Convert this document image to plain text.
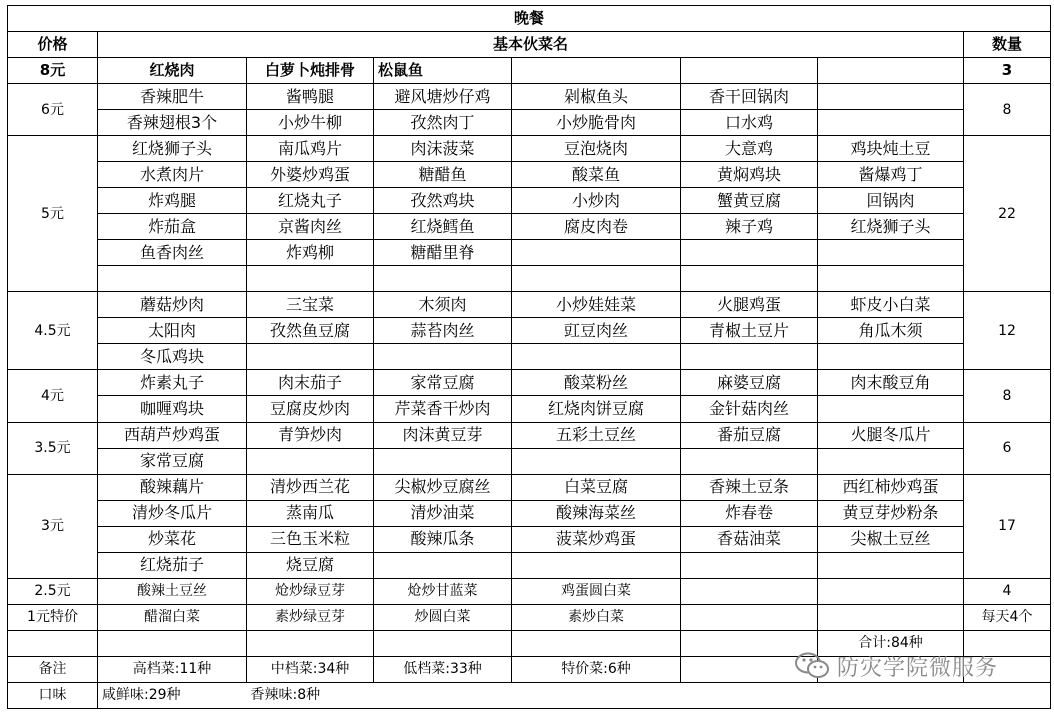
晚餐							
价格	基本伙菜名						数量
8元	红烧肉	白萝卜炖排骨	松鼠鱼				3
6元	香辣肥牛	酱鸭腿	避风塘炒仔鸡	剁椒鱼头	香干回锅肉		8
	香辣翅根3个	小炒牛柳	孜然肉丁	小炒脆骨肉	口水鸡		
5元	红烧狮子头	南瓜鸡片	肉沫菠菜	豆泡烧肉	大意鸡	鸡块炖土豆	22
	水煮肉片	外婆炒鸡蛋	糖醋鱼	酸菜鱼	黄焖鸡块	酱爆鸡丁	
	炸鸡腿	红烧丸子	孜然鸡块	小炒肉	蟹黄豆腐	回锅肉	
	炸茄盒	京酱肉丝	红烧鳕鱼	腐皮肉卷	辣子鸡	红烧狮子头	
	鱼香肉丝	炸鸡柳	糖醋里脊				

4.5元	蘑菇炒肉	三宝菜	木须肉	小炒娃娃菜	火腿鸡蛋	虾皮小白菜	12
	太阳肉	孜然鱼豆腐	蒜苔肉丝	豇豆肉丝	青椒土豆片	角瓜木须	
	冬瓜鸡块						
4元	炸素丸子	肉末茄子	家常豆腐	酸菜粉丝	麻婆豆腐	肉末酸豆角	8
	咖喱鸡块	豆腐皮炒肉	芹菜香干炒肉	红烧肉饼豆腐	金针菇肉丝		
3.5元	西葫芦炒鸡蛋	青笋炒肉	肉沫黄豆芽	五彩土豆丝	番茄豆腐	火腿冬瓜片	6
	家常豆腐						
3元	酸辣藕片	清炒西兰花	尖椒炒豆腐丝	白菜豆腐	香辣土豆条	西红柿炒鸡蛋	17
	清炒冬瓜片	蒸南瓜	清炒油菜	酸辣海菜丝	炸春卷	黄豆芽炒粉条	
	炒菜花	三色玉米粒	酸辣瓜条	菠菜炒鸡蛋	香菇油菜	尖椒土豆丝	
	红烧茄子	烧豆腐					
2.5元	酸辣土豆丝	炝炒绿豆芽	炝炒甘蓝菜	鸡蛋圆白菜			4
1元特价	醋溜白菜	素炒绿豆芽	炒圆白菜	素炒白菜			每天4个
						合计:84种	
备注	高档菜:11种	中档菜:34种	低档菜:33种	特价菜:6种			
口味	咸鲜味:29种	香辣味:8种					
防灾学院微服务
